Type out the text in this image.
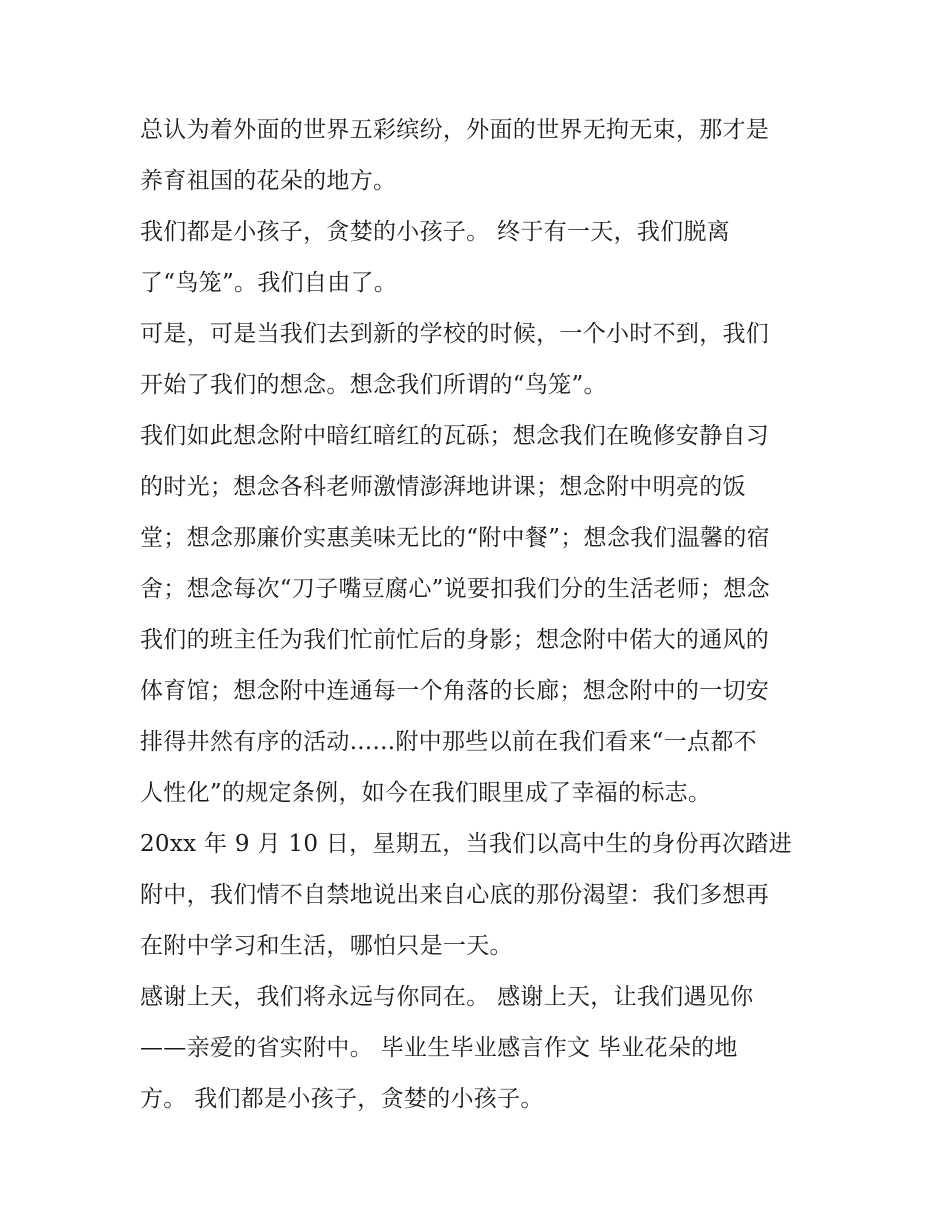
总认为着外面的世界五彩缤纷，外面的世界无拘无束，那才是
养育祖国的花朵的地方。
我们都是小孩子，贪婪的小孩子。 终于有一天，我们脱离
了“鸟笼”。我们自由了。
可是，可是当我们去到新的学校的时候，一个小时不到，我们
开始了我们的想念。想念我们所谓的“鸟笼”。
我们如此想念附中暗红暗红的瓦砾；想念我们在晚修安静自习
的时光；想念各科老师激情澎湃地讲课；想念附中明亮的饭
堂；想念那廉价实惠美味无比的“附中餐”；想念我们温馨的宿
舍；想念每次“刀子嘴豆腐心”说要扣我们分的生活老师；想念
我们的班主任为我们忙前忙后的身影；想念附中偌大的通风的
体育馆；想念附中连通每一个角落的长廊；想念附中的一切安
排得井然有序的活动......附中那些以前在我们看来“一点都不
人性化”的规定条例，如今在我们眼里成了幸福的标志。
20xx 年 9 月 10 日，星期五，当我们以高中生的身份再次踏进
附中，我们情不自禁地说出来自心底的那份渴望：我们多想再
在附中学习和生活，哪怕只是一天。
感谢上天，我们将永远与你同在。 感谢上天，让我们遇见你
——亲爱的省实附中。 毕业生毕业感言作文 毕业花朵的地
方。 我们都是小孩子，贪婪的小孩子。
